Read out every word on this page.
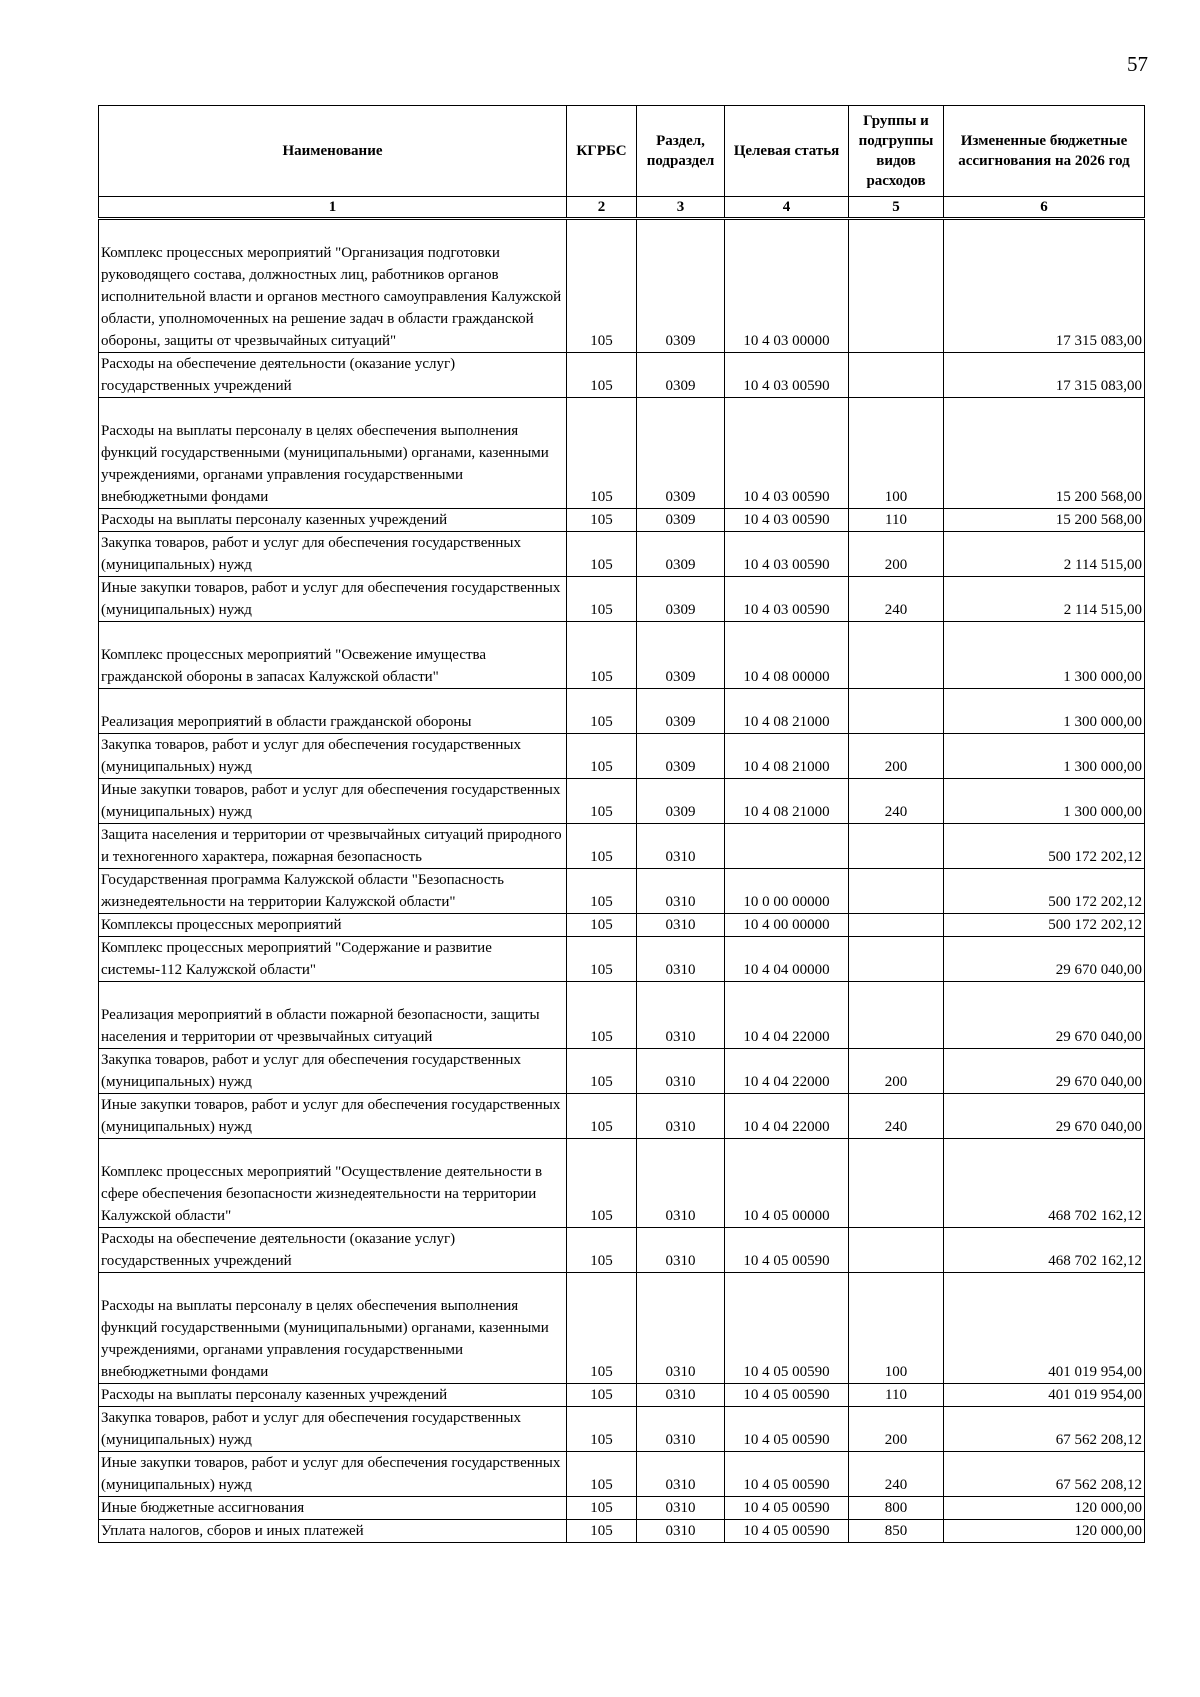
57
Наименование	КГРБС	Раздел, подраздел	Целевая статья	Группы и подгруппы видов расходов	Измененные бюджетные ассигнования на 2026 год
1	2	3	4	5	6
Комплекс процессных мероприятий "Организация подготовки руководящего состава, должностных лиц, работников органов исполнительной власти и органов местного самоуправления Калужской области, уполномоченных на решение задач в области гражданской обороны, защиты от чрезвычайных ситуаций"	105	0309	10 4 03 00000		17 315 083,00
Расходы на обеспечение деятельности (оказание услуг) государственных учреждений	105	0309	10 4 03 00590		17 315 083,00
Расходы на выплаты персоналу в целях обеспечения выполнения функций государственными (муниципальными) органами, казенными учреждениями, органами управления государственными внебюджетными фондами	105	0309	10 4 03 00590	100	15 200 568,00
Расходы на выплаты персоналу казенных учреждений	105	0309	10 4 03 00590	110	15 200 568,00
Закупка товаров, работ и услуг для обеспечения государственных (муниципальных) нужд	105	0309	10 4 03 00590	200	2 114 515,00
Иные закупки товаров, работ и услуг для обеспечения государственных (муниципальных) нужд	105	0309	10 4 03 00590	240	2 114 515,00
Комплекс процессных мероприятий "Освежение имущества гражданской обороны в запасах Калужской области"	105	0309	10 4 08 00000		1 300 000,00
Реализация мероприятий в области гражданской обороны	105	0309	10 4 08 21000		1 300 000,00
Закупка товаров, работ и услуг для обеспечения государственных (муниципальных) нужд	105	0309	10 4 08 21000	200	1 300 000,00
Иные закупки товаров, работ и услуг для обеспечения государственных (муниципальных) нужд	105	0309	10 4 08 21000	240	1 300 000,00
Защита населения и территории от чрезвычайных ситуаций природного и техногенного характера, пожарная безопасность	105	0310			500 172 202,12
Государственная программа Калужской области "Безопасность жизнедеятельности на территории Калужской области"	105	0310	10 0 00 00000		500 172 202,12
Комплексы процессных мероприятий	105	0310	10 4 00 00000		500 172 202,12
Комплекс процессных мероприятий "Содержание и развитие системы-112 Калужской области"	105	0310	10 4 04 00000		29 670 040,00
Реализация мероприятий в области пожарной безопасности, защиты населения и территории от чрезвычайных ситуаций	105	0310	10 4 04 22000		29 670 040,00
Закупка товаров, работ и услуг для обеспечения государственных (муниципальных) нужд	105	0310	10 4 04 22000	200	29 670 040,00
Иные закупки товаров, работ и услуг для обеспечения государственных (муниципальных) нужд	105	0310	10 4 04 22000	240	29 670 040,00
Комплекс процессных мероприятий "Осуществление деятельности в сфере обеспечения безопасности жизнедеятельности на территории Калужской области"	105	0310	10 4 05 00000		468 702 162,12
Расходы на обеспечение деятельности (оказание услуг) государственных учреждений	105	0310	10 4 05 00590		468 702 162,12
Расходы на выплаты персоналу в целях обеспечения выполнения функций государственными (муниципальными) органами, казенными учреждениями, органами управления государственными внебюджетными фондами	105	0310	10 4 05 00590	100	401 019 954,00
Расходы на выплаты персоналу казенных учреждений	105	0310	10 4 05 00590	110	401 019 954,00
Закупка товаров, работ и услуг для обеспечения государственных (муниципальных) нужд	105	0310	10 4 05 00590	200	67 562 208,12
Иные закупки товаров, работ и услуг для обеспечения государственных (муниципальных) нужд	105	0310	10 4 05 00590	240	67 562 208,12
Иные бюджетные ассигнования	105	0310	10 4 05 00590	800	120 000,00
Уплата налогов, сборов и иных платежей	105	0310	10 4 05 00590	850	120 000,00
